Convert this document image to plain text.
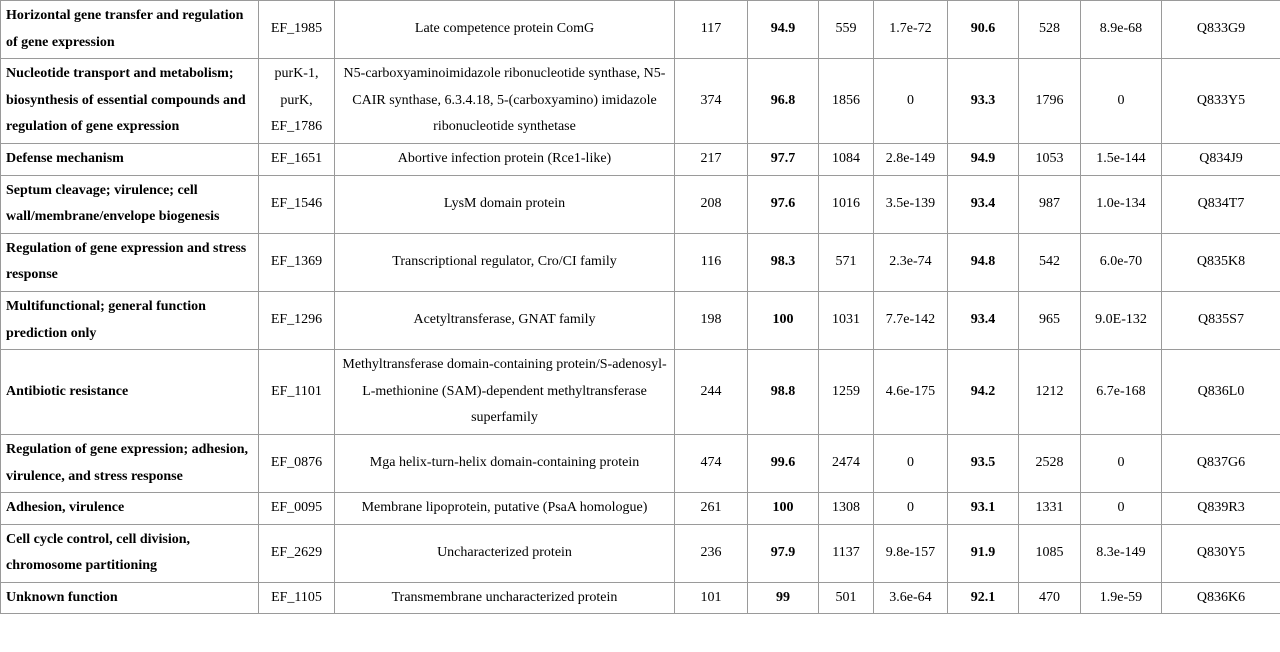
Horizontal gene transfer and regulation of gene expression	EF_1985	Late competence protein ComG	117	94.9	559	1.7e-72	90.6	528	8.9e-68	Q833G9
Nucleotide transport and metabolism; biosynthesis of essential compounds and regulation of gene expression	purK-1, purK, EF_1786	N5-carboxyaminoimidazole ribonucleotide synthase, N5-CAIR synthase, 6.3.4.18, 5-(carboxyamino) imidazole ribonucleotide synthetase	374	96.8	1856	0	93.3	1796	0	Q833Y5
Defense mechanism	EF_1651	Abortive infection protein (Rce1-like)	217	97.7	1084	2.8e-149	94.9	1053	1.5e-144	Q834J9
Septum cleavage; virulence; cell wall/membrane/envelope biogenesis	EF_1546	LysM domain protein	208	97.6	1016	3.5e-139	93.4	987	1.0e-134	Q834T7
Regulation of gene expression and stress response	EF_1369	Transcriptional regulator, Cro/CI family	116	98.3	571	2.3e-74	94.8	542	6.0e-70	Q835K8
Multifunctional; general function prediction only	EF_1296	Acetyltransferase, GNAT family	198	100	1031	7.7e-142	93.4	965	9.0E-132	Q835S7
Antibiotic resistance	EF_1101	Methyltransferase domain-containing protein/S-adenosyl-L-methionine (SAM)-dependent methyltransferase superfamily	244	98.8	1259	4.6e-175	94.2	1212	6.7e-168	Q836L0
Regulation of gene expression; adhesion, virulence, and stress response	EF_0876	Mga helix-turn-helix domain-containing protein	474	99.6	2474	0	93.5	2528	0	Q837G6
Adhesion, virulence	EF_0095	Membrane lipoprotein, putative (PsaA homologue)	261	100	1308	0	93.1	1331	0	Q839R3
Cell cycle control, cell division, chromosome partitioning	EF_2629	Uncharacterized protein	236	97.9	1137	9.8e-157	91.9	1085	8.3e-149	Q830Y5
Unknown function	EF_1105	Transmembrane uncharacterized protein	101	99	501	3.6e-64	92.1	470	1.9e-59	Q836K6
